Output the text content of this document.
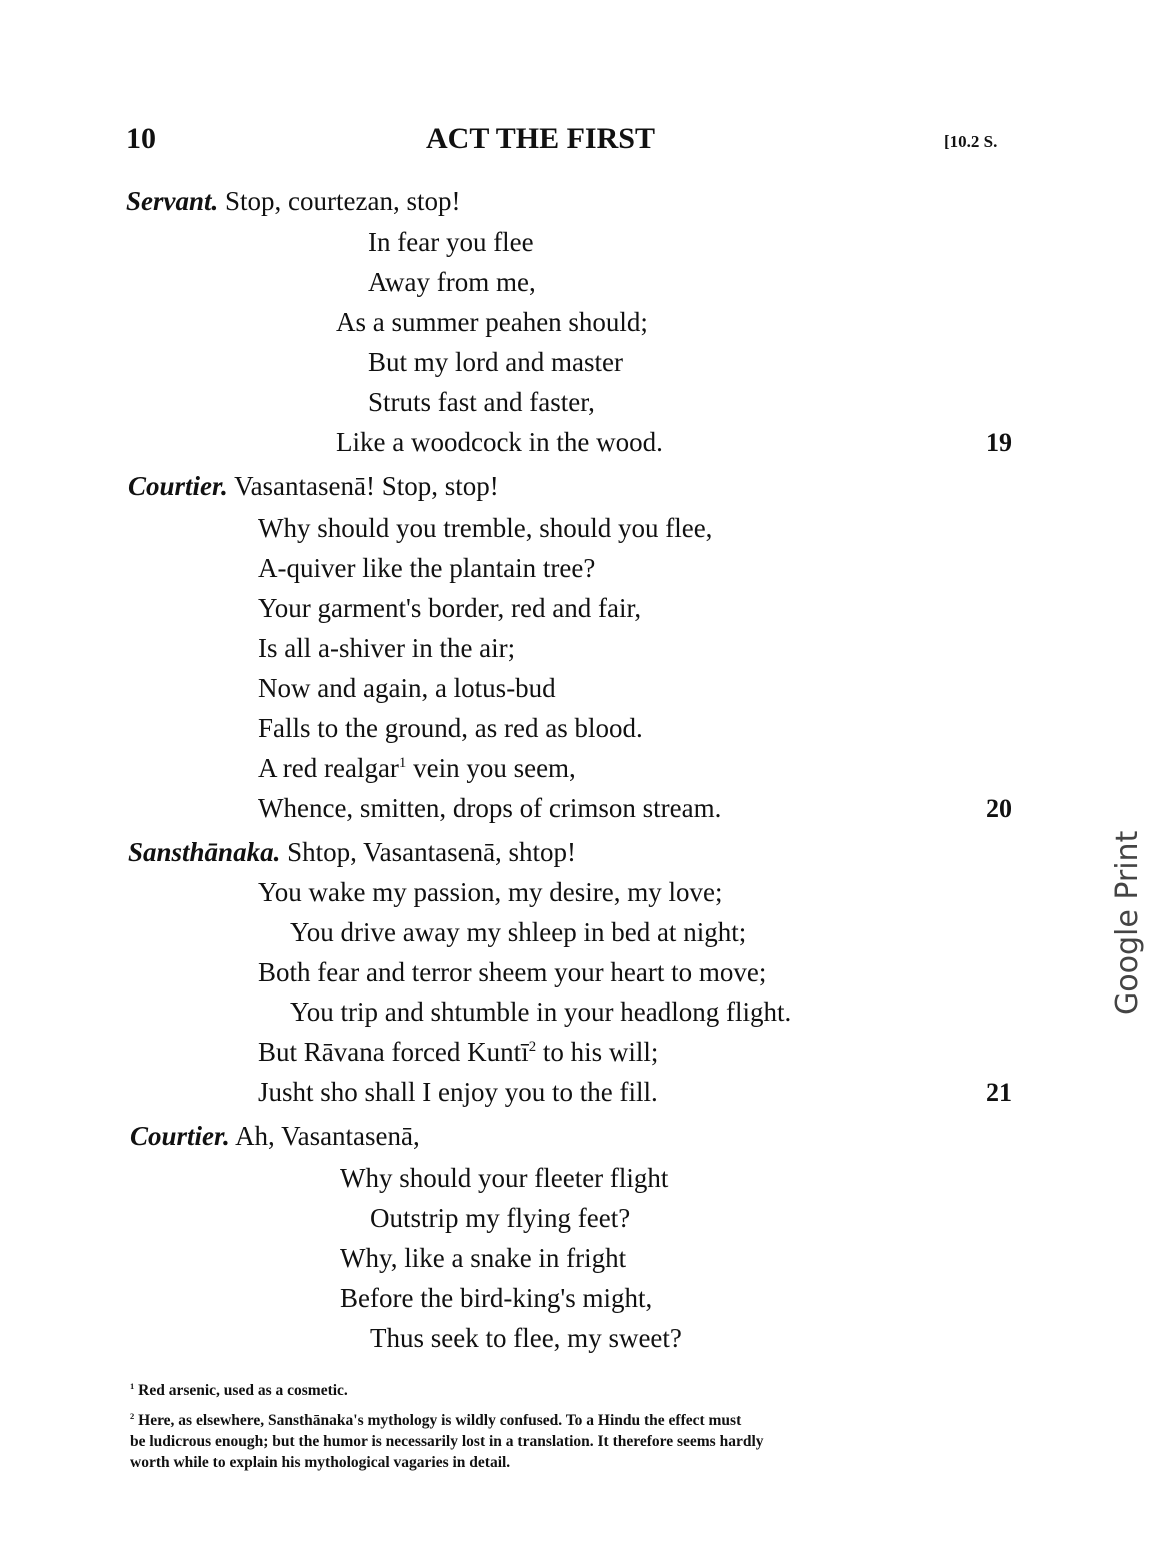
10	ACT THE FIRST	[10.2 S.
Servant. Stop, courtezan, stop!
In fear you flee
Away from me,
As a summer peahen should;
But my lord and master
Struts fast and faster,
Like a woodcock in the wood.	19
Courtier. Vasantasenā! Stop, stop!
Why should you tremble, should you flee,
A-quiver like the plantain tree?
Your garment's border, red and fair,
Is all a-shiver in the air;
Now and again, a lotus-bud
Falls to the ground, as red as blood.
A red realgar$^1$ vein you seem,
Whence, smitten, drops of crimson stream.	20
Sansthānaka. Shtop, Vasantasenā, shtop!
You wake my passion, my desire, my love;
You drive away my shleep in bed at night;
Both fear and terror sheem your heart to move;
You trip and shtumble in your headlong flight.
But Rāvana forced Kuntī$^2$ to his will;
Jusht sho shall I enjoy you to the fill.	21
Courtier. Ah, Vasantasenā,
Why should your fleeter flight
Outstrip my flying feet?
Why, like a snake in fright
Before the bird-king's might,
Thus seek to flee, my sweet?
$^1$ Red arsenic, used as a cosmetic.
$^2$ Here, as elsewhere, Sansthānaka's mythology is wildly confused. To a Hindu the effect must
be ludicrous enough; but the humor is necessarily lost in a translation. It therefore seems hardly
worth while to explain his mythological vagaries in detail.
Google Print
